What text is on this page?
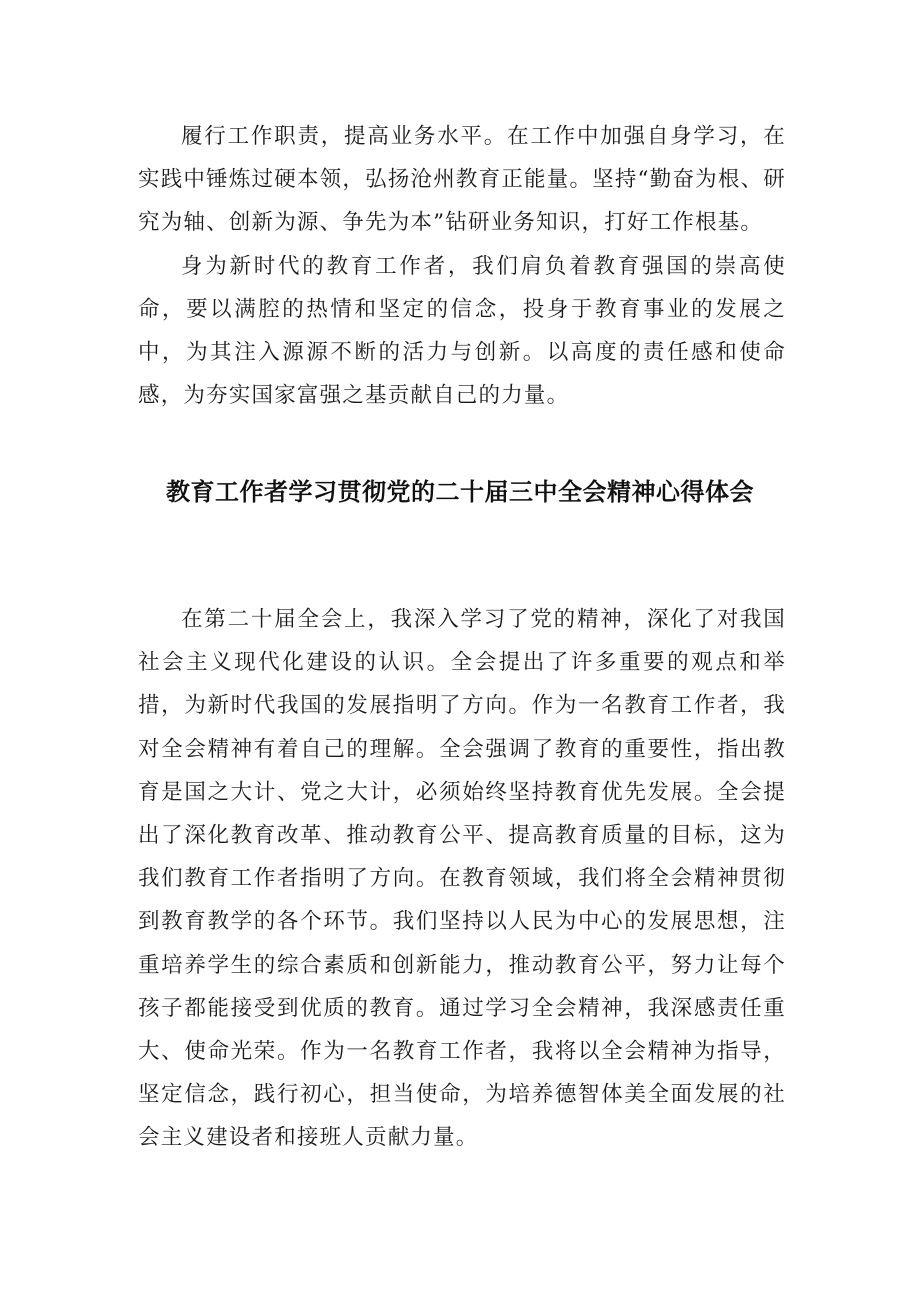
履行工作职责，提高业务水平。在工作中加强自身学习，在实践中锤炼过硬本领，弘扬沧州教育正能量。坚持“勤奋为根、研究为轴、创新为源、争先为本”钻研业务知识，打好工作根基。

身为新时代的教育工作者，我们肩负着教育强国的崇高使命，要以满腔的热情和坚定的信念，投身于教育事业的发展之中，为其注入源源不断的活力与创新。以高度的责任感和使命感，为夯实国家富强之基贡献自己的力量。

教育工作者学习贯彻党的二十届三中全会精神心得体会

在第二十届全会上，我深入学习了党的精神，深化了对我国社会主义现代化建设的认识。全会提出了许多重要的观点和举措，为新时代我国的发展指明了方向。作为一名教育工作者，我对全会精神有着自己的理解。全会强调了教育的重要性，指出教育是国之大计、党之大计，必须始终坚持教育优先发展。全会提出了深化教育改革、推动教育公平、提高教育质量的目标，这为我们教育工作者指明了方向。在教育领域，我们将全会精神贯彻到教育教学的各个环节。我们坚持以人民为中心的发展思想，注重培养学生的综合素质和创新能力，推动教育公平，努力让每个孩子都能接受到优质的教育。通过学习全会精神，我深感责任重大、使命光荣。作为一名教育工作者，我将以全会精神为指导，坚定信念，践行初心，担当使命，为培养德智体美全面发展的社会主义建设者和接班人贡献力量。
